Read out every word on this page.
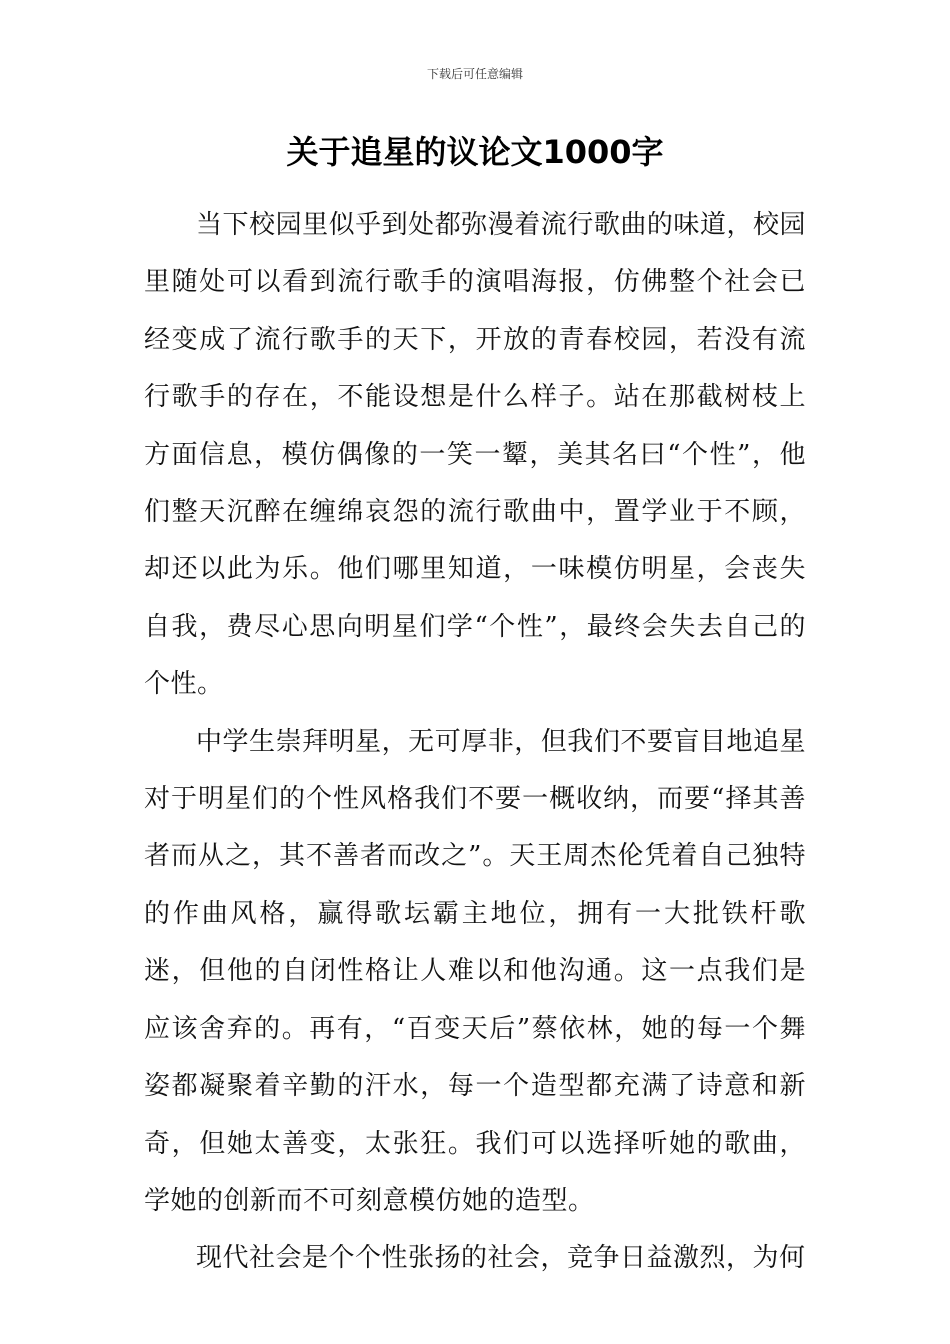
下载后可任意编辑
关于追星的议论文1000字

当下校园里似乎到处都弥漫着流行歌曲的味道，校园里随处可以看到流行歌手的演唱海报，仿佛整个社会已经变成了流行歌手的天下，开放的青春校园，若没有流行歌手的存在，不能设想是什么样子。站在那截树枝上方面信息，模仿偶像的一笑一颦，美其名曰“个性”，他们整天沉醉在缠绵哀怨的流行歌曲中，置学业于不顾，却还以此为乐。他们哪里知道，一味模仿明星，会丧失自我，费尽心思向明星们学“个性”，最终会失去自己的个性。

中学生崇拜明星，无可厚非，但我们不要盲目地追星对于明星们的个性风格我们不要一概收纳，而要“择其善者而从之，其不善者而改之”。天王周杰伦凭着自己独特的作曲风格，赢得歌坛霸主地位，拥有一大批铁杆歌迷，但他的自闭性格让人难以和他沟通。这一点我们是应该舍弃的。再有，“百变天后”蔡依林，她的每一个舞姿都凝聚着辛勤的汗水，每一个造型都充满了诗意和新奇，但她太善变，太张狂。我们可以选择听她的歌曲，学她的创新而不可刻意模仿她的造型。

现代社会是个个性张扬的社会，竞争日益激烈，为何
